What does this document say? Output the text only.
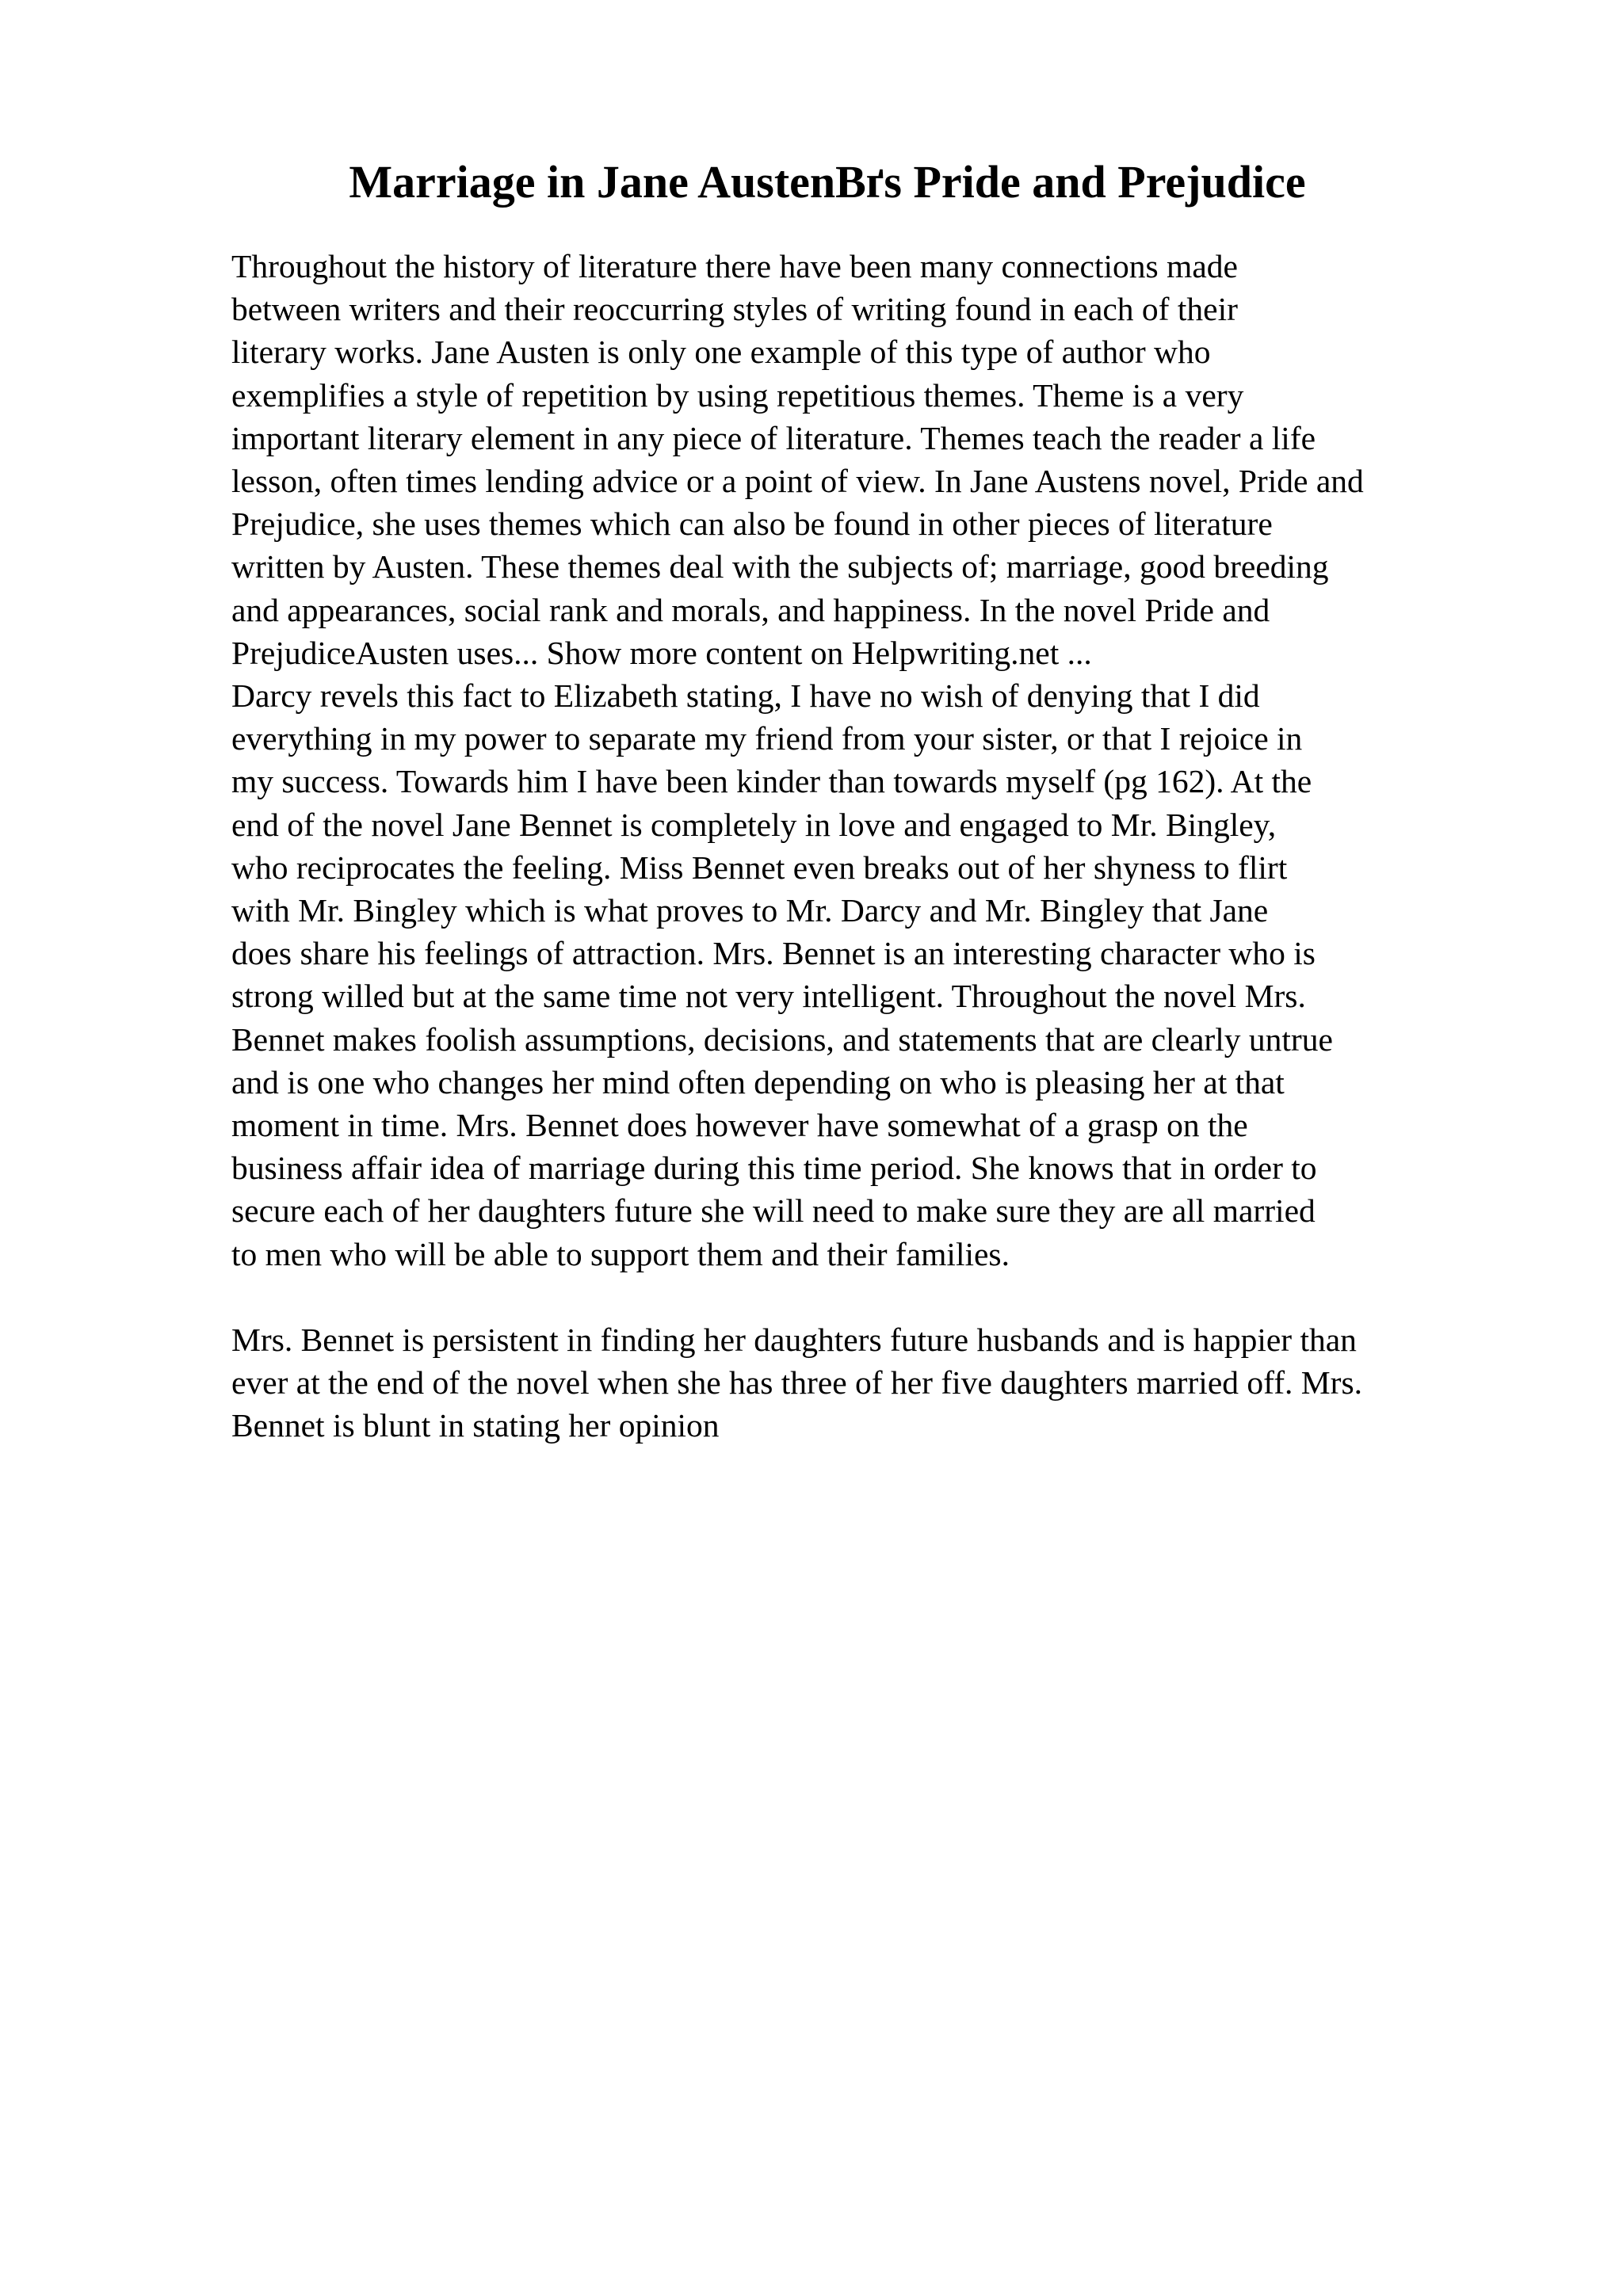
Marriage in Jane AustenВґs Pride and Prejudice
Throughout the history of literature there have been many connections made
between writers and their reoccurring styles of writing found in each of their
literary works. Jane Austen is only one example of this type of author who
exemplifies a style of repetition by using repetitious themes. Theme is a very
important literary element in any piece of literature. Themes teach the reader a life
lesson, often times lending advice or a point of view. In Jane Austens novel, Pride and
Prejudice, she uses themes which can also be found in other pieces of literature
written by Austen. These themes deal with the subjects of; marriage, good breeding
and appearances, social rank and morals, and happiness. In the novel Pride and
PrejudiceAusten uses... Show more content on Helpwriting.net ...
Darcy revels this fact to Elizabeth stating, I have no wish of denying that I did
everything in my power to separate my friend from your sister, or that I rejoice in
my success. Towards him I have been kinder than towards myself (pg 162). At the
end of the novel Jane Bennet is completely in love and engaged to Mr. Bingley,
who reciprocates the feeling. Miss Bennet even breaks out of her shyness to flirt
with Mr. Bingley which is what proves to Mr. Darcy and Mr. Bingley that Jane
does share his feelings of attraction. Mrs. Bennet is an interesting character who is
strong willed but at the same time not very intelligent. Throughout the novel Mrs.
Bennet makes foolish assumptions, decisions, and statements that are clearly untrue
and is one who changes her mind often depending on who is pleasing her at that
moment in time. Mrs. Bennet does however have somewhat of a grasp on the
business affair idea of marriage during this time period. She knows that in order to
secure each of her daughters future she will need to make sure they are all married
to men who will be able to support them and their families.
Mrs. Bennet is persistent in finding her daughters future husbands and is happier than
ever at the end of the novel when she has three of her five daughters married off. Mrs.
Bennet is blunt in stating her opinion
